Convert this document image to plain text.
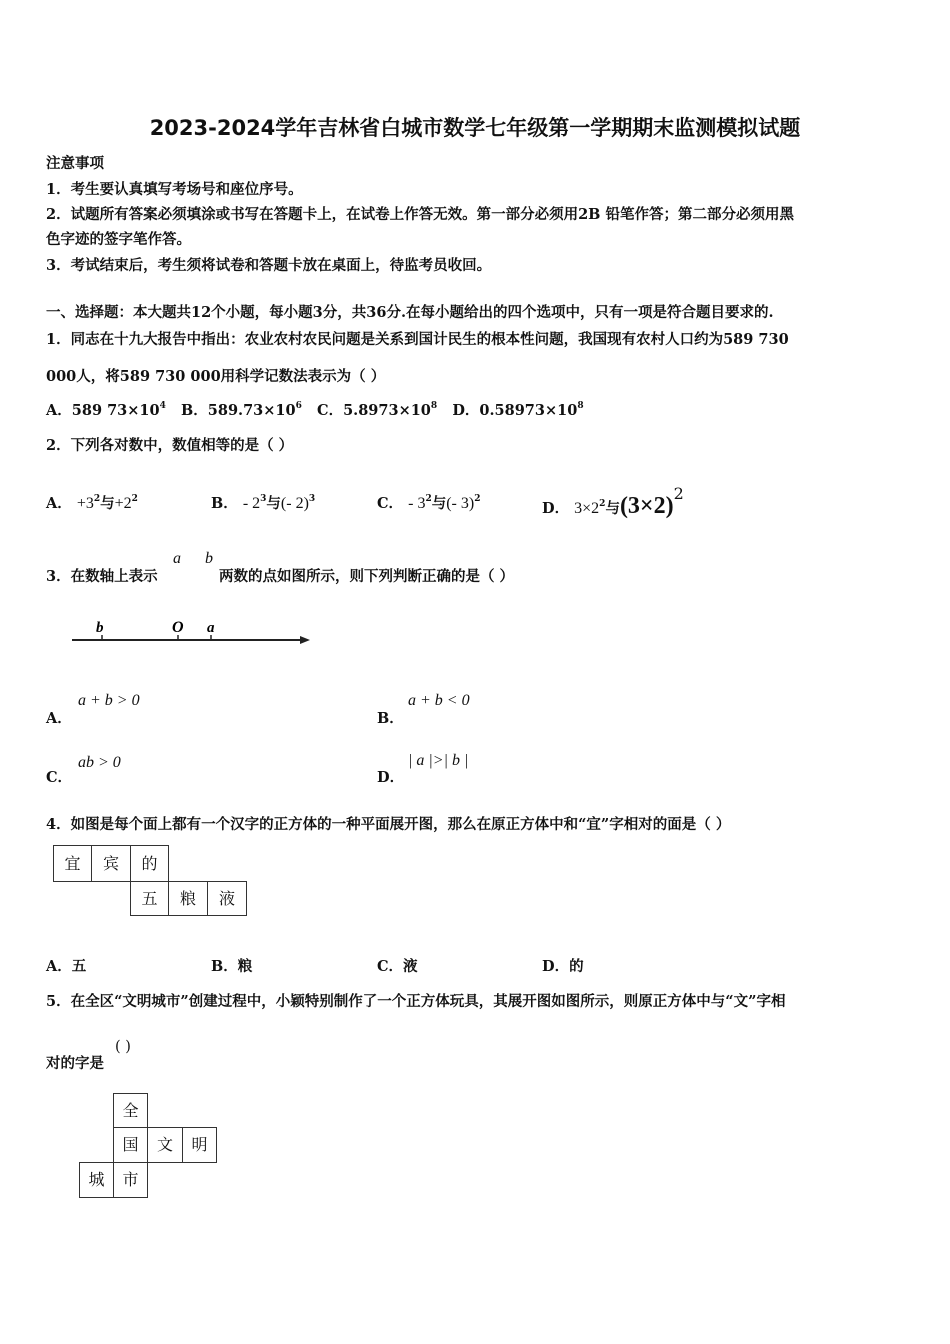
2023-2024学年吉林省白城市数学七年级第一学期期末监测模拟试题
注意事项
1．考生要认真填写考场号和座位序号。
2．试题所有答案必须填涂或书写在答题卡上，在试卷上作答无效。第一部分必须用2B 铅笔作答；第二部分必须用黑
色字迹的签字笔作答。
3．考试结束后，考生须将试卷和答题卡放在桌面上，待监考员收回。
一、选择题：本大题共12个小题，每小题3分，共36分.在每小题给出的四个选项中，只有一项是符合题目要求的.
1．同志在十九大报告中指出：农业农村农民问题是关系到国计民生的根本性问题，我国现有农村人口约为589 730
000人，将589 730 000用科学记数法表示为（ ）
A．589 $73\times 10^4$ B．$589.73\times 10^6$ C．$5.8973\times 10^8$ D．$0.58973\times 10^8$
2．下列各对数中，数值相等的是（ ）
A． $+3^2$与$+2^2$	B． - $2^3$与(- 2)$^3$	C． - $3^2$与(- 3)$^2$
D． $3\times 2^2$与$(3\times 2)^2$
3．在数轴上表示
a b
两数的点如图所示，则下列判断正确的是（ ）
b	O a
A．
a + b > 0
B．
a + b < 0
C．
ab > 0
D．
| a |>| b |
4．如图是每个面上都有一个汉字的正方体的一种平面展开图，那么在原正方体中和“宜”字相对的面是（ ）
宜	宾	的
五	粮	液
A．五	B．粮	C．液	D．的
5．在全区“文明城市”创建过程中，小颖特别制作了一个正方体玩具，其展开图如图所示，则原正方体中与“文”字相
对的字是
( )
全
国	文	明
城	市
